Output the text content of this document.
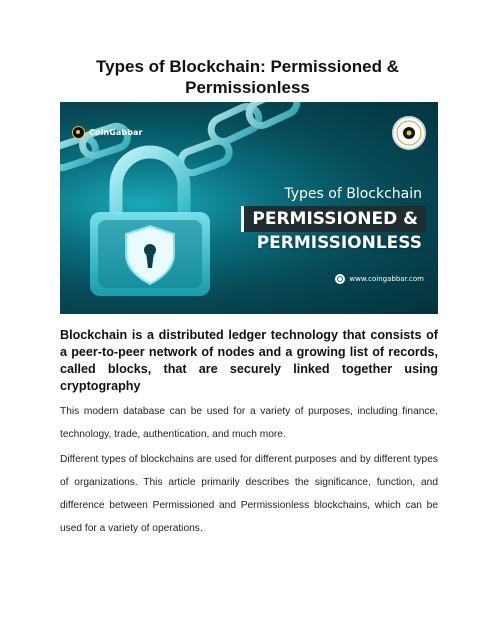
Types of Blockchain: Permissioned & Permissionless
CoinGabbar
Types of Blockchain
PERMISSIONED &
PERMISSIONLESS
www.coingabbar.com

Blockchain is a distributed ledger technology that consists of a peer-to-peer network of nodes and a growing list of records, called blocks, that are securely linked together using cryptography

This modern database can be used for a variety of purposes, including finance, technology, trade, authentication, and much more.

Different types of blockchains are used for different purposes and by different types of organizations. This article primarily describes the significance, function, and difference between Permissioned and Permissionless blockchains, which can be used for a variety of operations.
